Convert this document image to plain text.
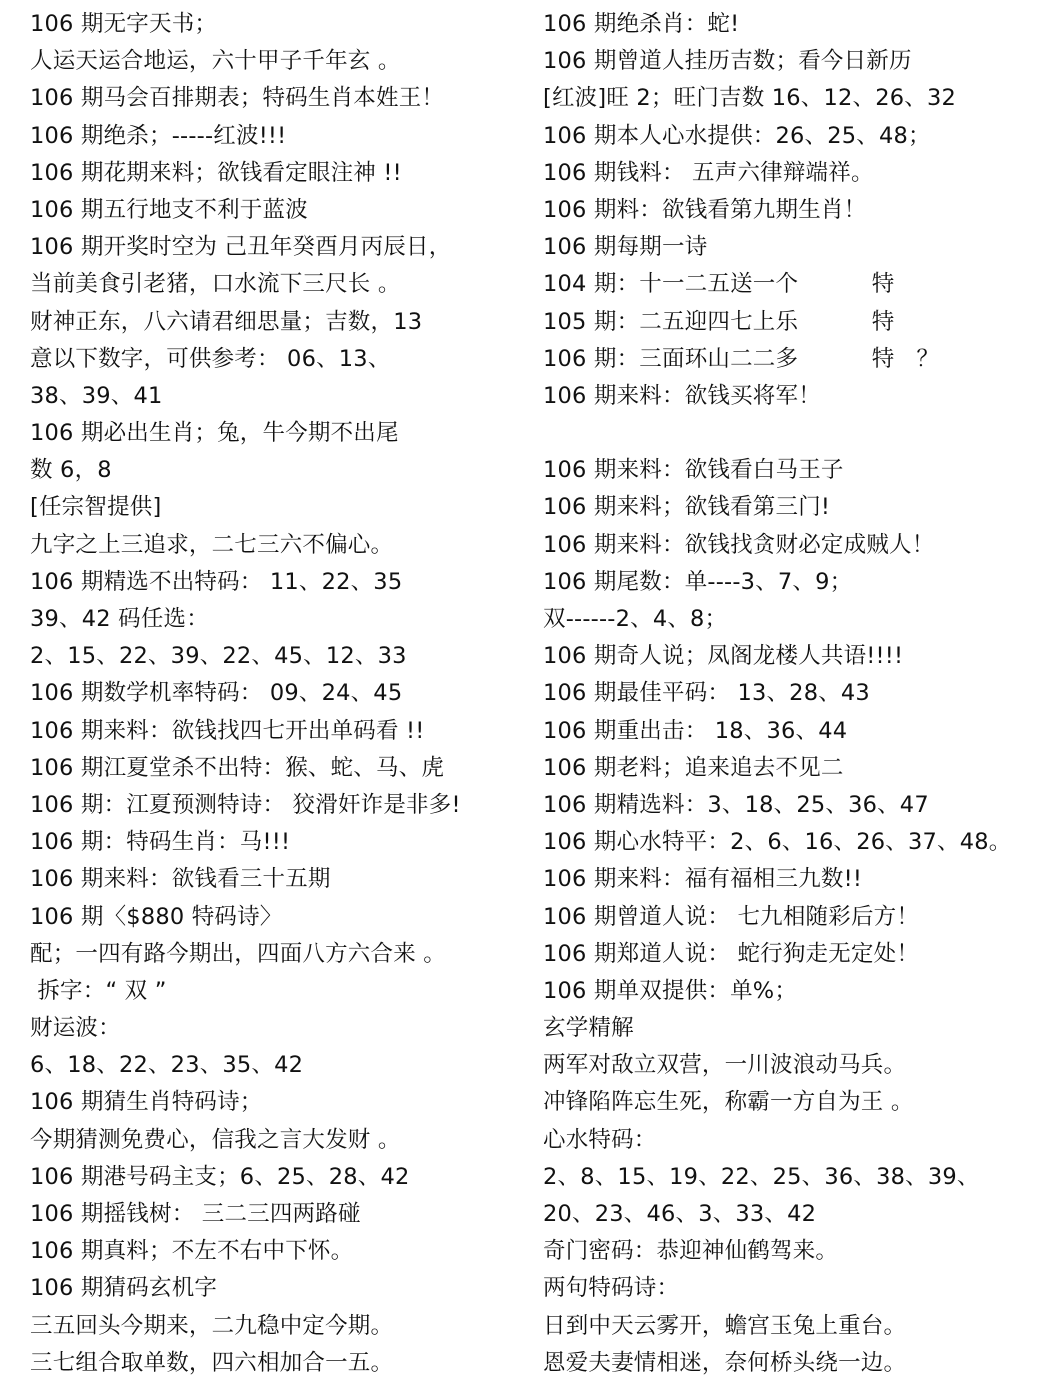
106 期无字天书；
人运天运合地运，六十甲子千年玄 。
106 期马会百排期表；特码生肖本姓王！
106 期绝杀；-----红波!!!
106 期花期来料；欲钱看定眼注神 !!
106 期五行地支不利于蓝波
106 期开奖时空为 己丑年癸酉月丙辰日，
当前美食引老猪，口水流下三尺长 。
财神正东，八六请君细思量；吉数，13
意以下数字，可供参考： 06、13、
38、39、41
106 期必出生肖；兔，牛今期不出尾
数 6，8
[任宗智提供]
九字之上三追求，二七三六不偏心。
106 期精选不出特码： 11、22、35
39、42 码任选：
2、15、22、39、22、45、12、33
106 期数学机率特码： 09、24、45
106 期来料：欲钱找四七开出单码看 !!
106 期江夏堂杀不出特：猴、蛇、马、虎
106 期：江夏预测特诗： 狡滑奸诈是非多!
106 期：特码生肖：马!!!
106 期来料：欲钱看三十五期
106 期〈$880 特码诗〉
配；一四有路今期出，四面八方六合来 。
拆字：“ 双 ”
财运波：
6、18、22、23、35、42
106 期猜生肖特码诗；
今期猜测免费心，信我之言大发财 。
106 期港号码主支；6、25、28、42
106 期摇钱树： 三二三四两路碰
106 期真料；不左不右中下怀。
106 期猜码玄机字
三五回头今期来，二九稳中定今期。
三七组合取单数，四六相加合一五。
106 期绝杀肖：蛇!
106 期曾道人挂历吉数；看今日新历
[红波]旺 2；旺门吉数 16、12、26、32
106 期本人心水提供：26、25、48；
106 期钱料： 五声六律辩端祥。
106 期料：欲钱看第九期生肖！
106 期每期一诗
104 期：十一二五送一个          特
105 期：二五迎四七上乐          特
106 期：三面环山二二多          特   ？
106 期来料：欲钱买将军！
106 期来料：欲钱看白马王子
106 期来料；欲钱看第三门!
106 期来料：欲钱找贪财必定成贼人！
106 期尾数：单----3、7、9；
双------2、4、8；
106 期奇人说；凤阁龙楼人共语!!!!
106 期最佳平码： 13、28、43
106 期重出击： 18、36、44
106 期老料；追来追去不见二
106 期精选料：3、18、25、36、47
106 期心水特平：2、6、16、26、37、48。
106 期来料：福有福相三九数!!
106 期曾道人说： 七九相随彩后方！
106 期郑道人说： 蛇行狗走无定处！
106 期单双提供：单%；
玄学精解
两军对敌立双营，一川波浪动马兵。
冲锋陷阵忘生死，称霸一方自为王 。
心水特码：
2、8、15、19、22、25、36、38、39、
20、23、46、3、33、42
奇门密码：恭迎神仙鹤驾来。
两句特码诗：
日到中天云雾开，蟾宫玉兔上重台。
恩爱夫妻情相迷，奈何桥头绕一边。
